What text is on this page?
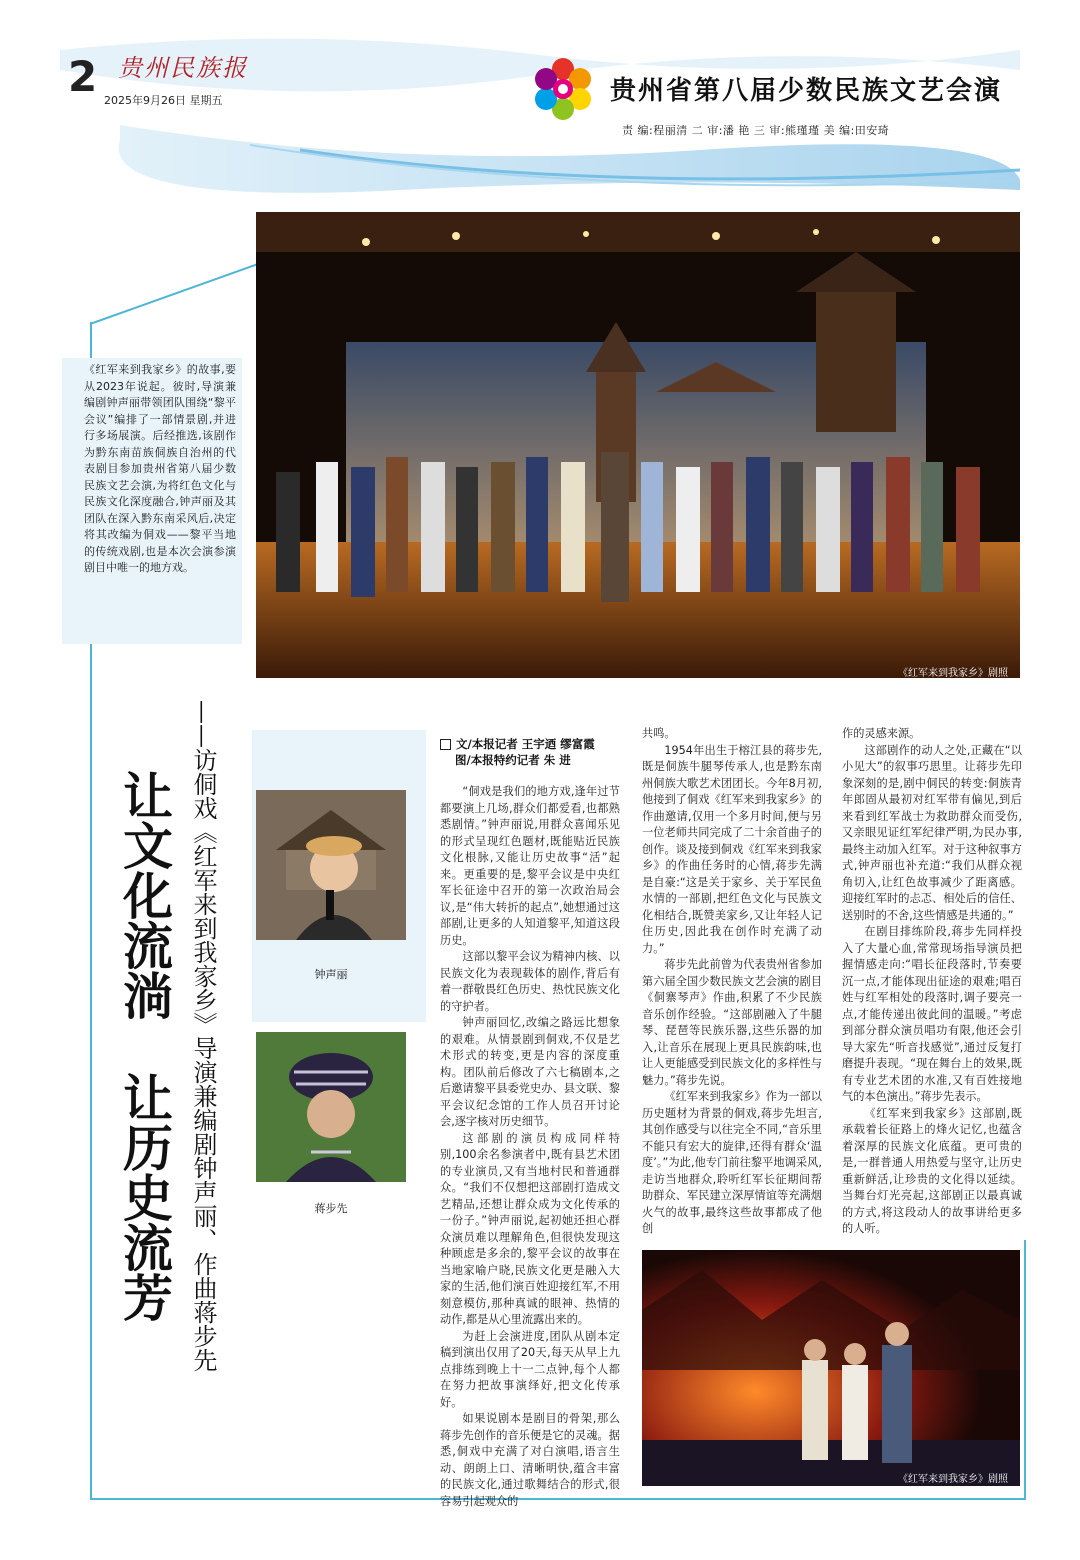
2 贵州民族报
2025年9月26日 星期五	贵州省第八届少数民族文艺会演
责 编:程丽清 二 审:潘 艳 三 审:熊瑾瑾 美 编:田安琦
《红军来到我家乡》剧照
《红军来到我家乡》的故事,要从2023年说起。彼时,导演兼编剧钟声丽带领团队围绕“黎平会议”编排了一部情景剧,并进行多场展演。后经推选,该剧作为黔东南苗族侗族自治州的代表剧目参加贵州省第八届少数民族文艺会演,为将红色文化与民族文化深度融合,钟声丽及其团队在深入黔东南采风后,决定将其改编为侗戏——黎平当地的传统戏剧,也是本次会演参演剧目中唯一的地方戏。
让文化流淌
让历史流芳 ——访侗戏《红军来到我家乡》导演兼编剧钟声丽、作曲蒋步先	钟声丽
蒋步先
文/本报记者 王宇迺 缪富霞
图/本报特约记者 朱 进

“侗戏是我们的地方戏,逢年过节都要演上几场,群众们都爱看,也都熟悉剧情。”钟声丽说,用群众喜闻乐见的形式呈现红色题材,既能贴近民族文化根脉,又能让历史故事“活”起来。更重要的是,黎平会议是中央红军长征途中召开的第一次政治局会议,是“伟大转折的起点”,她想通过这部剧,让更多的人知道黎平,知道这段历史。

这部以黎平会议为精神内核、以民族文化为表现载体的剧作,背后有着一群敬畏红色历史、热忱民族文化的守护者。

钟声丽回忆,改编之路远比想象的艰难。从情景剧到侗戏,不仅是艺术形式的转变,更是内容的深度重构。团队前后修改了六七稿剧本,之后邀请黎平县委党史办、县文联、黎平会议纪念馆的工作人员召开讨论会,逐字核对历史细节。

这部剧的演员构成同样特别,100余名参演者中,既有县艺术团的专业演员,又有当地村民和普通群众。“我们不仅想把这部剧打造成文艺精品,还想让群众成为文化传承的一份子。”钟声丽说,起初她还担心群众演员难以理解角色,但很快发现这种顾虑是多余的,黎平会议的故事在当地家喻户晓,民族文化更是融入大家的生活,他们演百姓迎接红军,不用刻意模仿,那种真诚的眼神、热情的动作,都是从心里流露出来的。

为赶上会演进度,团队从剧本定稿到演出仅用了20天,每天从早上九点排练到晚上十一二点钟,每个人都在努力把故事演绎好,把文化传承好。

如果说剧本是剧目的骨架,那么蒋步先创作的音乐便是它的灵魂。据悉,侗戏中充满了对白演唱,语言生动、朗朗上口、清晰明快,蕴含丰富的民族文化,通过歌舞结合的形式,很容易引起观众的

共鸣。

1954年出生于榕江县的蒋步先,既是侗族牛腿琴传承人,也是黔东南州侗族大歌艺术团团长。今年8月初,他接到了侗戏《红军来到我家乡》的作曲邀请,仅用一个多月时间,便与另一位老师共同完成了二十余首曲子的创作。谈及接到侗戏《红军来到我家乡》的作曲任务时的心情,蒋步先满是自豪:“这是关于家乡、关于军民鱼水情的一部剧,把红色文化与民族文化相结合,既赞美家乡,又让年轻人记住历史,因此我在创作时充满了动力。”

蒋步先此前曾为代表贵州省参加第六届全国少数民族文艺会演的剧目《侗寨琴声》作曲,积累了不少民族音乐创作经验。“这部剧融入了牛腿琴、琵琶等民族乐器,这些乐器的加入,让音乐在展现上更具民族韵味,也让人更能感受到民族文化的多样性与魅力。”蒋步先说。

《红军来到我家乡》作为一部以历史题材为背景的侗戏,蒋步先坦言,其创作感受与以往完全不同,“音乐里不能只有宏大的旋律,还得有群众‘温度’。”为此,他专门前往黎平地调采风,走访当地群众,聆听红军长征期间帮助群众、军民建立深厚情谊等充满烟火气的故事,最终这些故事都成了他创

作的灵感来源。

这部剧作的动人之处,正藏在“以小见大”的叙事巧思里。让蒋步先印象深刻的是,剧中侗民的转变:侗族青年郎固从最初对红军带有偏见,到后来看到红军战士为救助群众而受伤,又亲眼见证红军纪律严明,为民办事,最终主动加入红军。对于这种叙事方式,钟声丽也补充道:“我们从群众视角切入,让红色故事减少了距离感。迎接红军时的忐忑、相处后的信任、送别时的不舍,这些情感是共通的。”

在剧目排练阶段,蒋步先同样投入了大量心血,常常现场指导演员把握情感走向:“唱长征段落时,节奏要沉一点,才能体现出征途的艰难;唱百姓与红军相处的段落时,调子要亮一点,才能传递出彼此间的温暖。”考虑到部分群众演员唱功有限,他还会引导大家先“听音找感觉”,通过反复打磨提升表现。“现在舞台上的效果,既有专业艺术团的水准,又有百姓接地气的本色演出。”蒋步先表示。

《红军来到我家乡》这部剧,既承载着长征路上的烽火记忆,也蕴含着深厚的民族文化底蕴。更可贵的是,一群普通人用热爱与坚守,让历史重新鲜活,让珍贵的文化得以延续。当舞台灯光亮起,这部剧正以最真诚的方式,将这段动人的故事讲给更多的人听。

《红军来到我家乡》剧照
